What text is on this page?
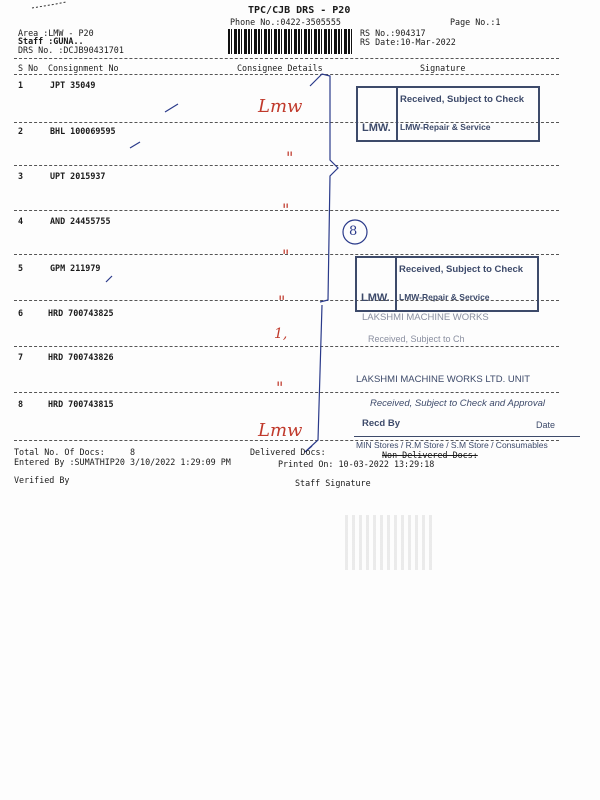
TPC/CJB DRS - P20
Phone No.:0422-3505555	Page No.:1
Area :LMW - P20
Staff :GUNA..
DRS No. :DCJB90431701
RS No.:904317
RS Date:10-Mar-2022
S No Consignment No	Consignee Details	Signature
1	JPT 35049
2	BHL 100069595
3	UPT 2015937
4	AND 24455755
5	GPM 211979
6	HRD 700743825
7	HRD 700743826
8	HRD 700743815
Lmw
"
"
"
"
1,
"
Lmw
8
Received, Subject to Check
LMW-Repair & Service
LMW.
Received, Subject to Check
LMW-Repair & Service
LMW.
LAKSHMI MACHINE WORKS
Received, Subject to Ch
LAKSHMI MACHINE WORKS LTD. UNIT
Received, Subject to Check and Approval
Recd By	Date
MIN Stores / R.M Store / S.M Store / Consumables
Total No. Of Docs:	8	Delivered Docs:	Non Delivered Docs:
Entered By :SUMATHIP20 3/10/2022 1:29:09 PM	Printed On: 10-03-2022 13:29:18
Verified By	Staff Signature
